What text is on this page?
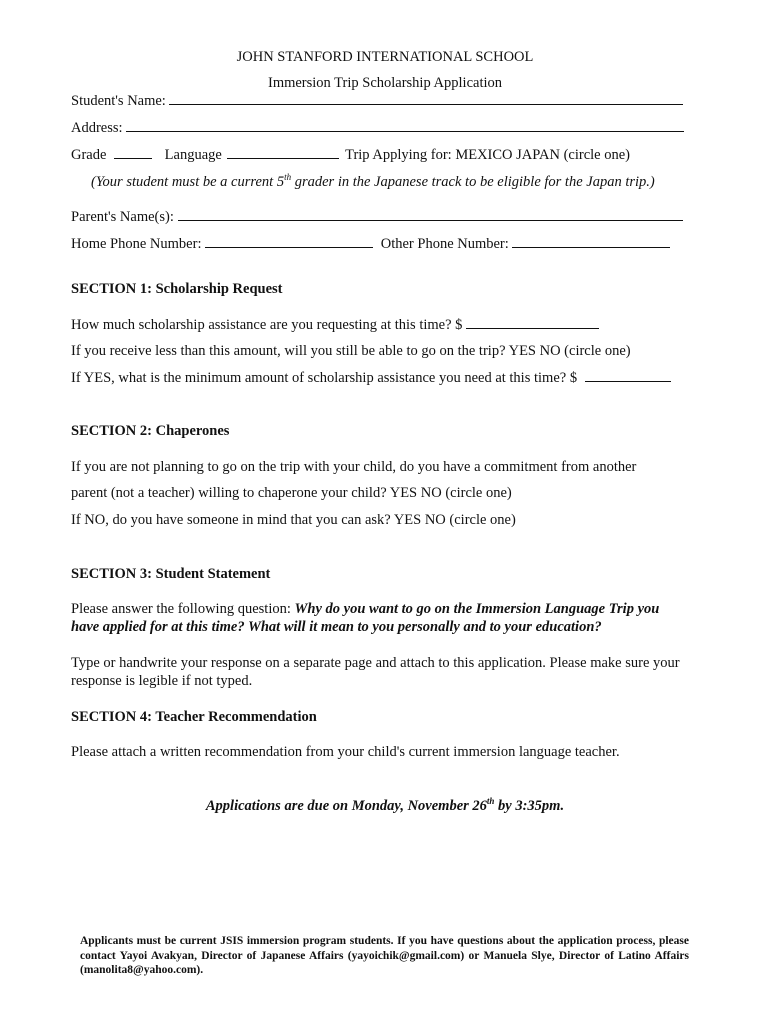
JOHN STANFORD INTERNATIONAL SCHOOL
Immersion Trip Scholarship Application
Student's Name:
Address:
Grade	Language	Trip Applying for: MEXICO JAPAN (circle one)
(Your student must be a current 5th grader in the Japanese track to be eligible for the Japan trip.)
Parent's Name(s):
Home Phone Number:	Other Phone Number:
SECTION 1: Scholarship Request
How much scholarship assistance are you requesting at this time? $
If you receive less than this amount, will you still be able to go on the trip? YES NO (circle one)
If YES, what is the minimum amount of scholarship assistance you need at this time? $
SECTION 2: Chaperones
If you are not planning to go on the trip with your child, do you have a commitment from another
parent (not a teacher) willing to chaperone your child? YES NO (circle one)
If NO, do you have someone in mind that you can ask? YES NO (circle one)
SECTION 3: Student Statement
Please answer the following question: Why do you want to go on the Immersion Language Trip you have applied for at this time? What will it mean to you personally and to your education?
Type or handwrite your response on a separate page and attach to this application. Please make sure your response is legible if not typed.
SECTION 4: Teacher Recommendation
Please attach a written recommendation from your child's current immersion language teacher.
Applications are due on Monday, November 26th by 3:35pm.
Applicants must be current JSIS immersion program students. If you have questions about the application process, please contact Yayoi Avakyan, Director of Japanese Affairs (yayoichik@gmail.com) or Manuela Slye, Director of Latino Affairs (manolita8@yahoo.com).
